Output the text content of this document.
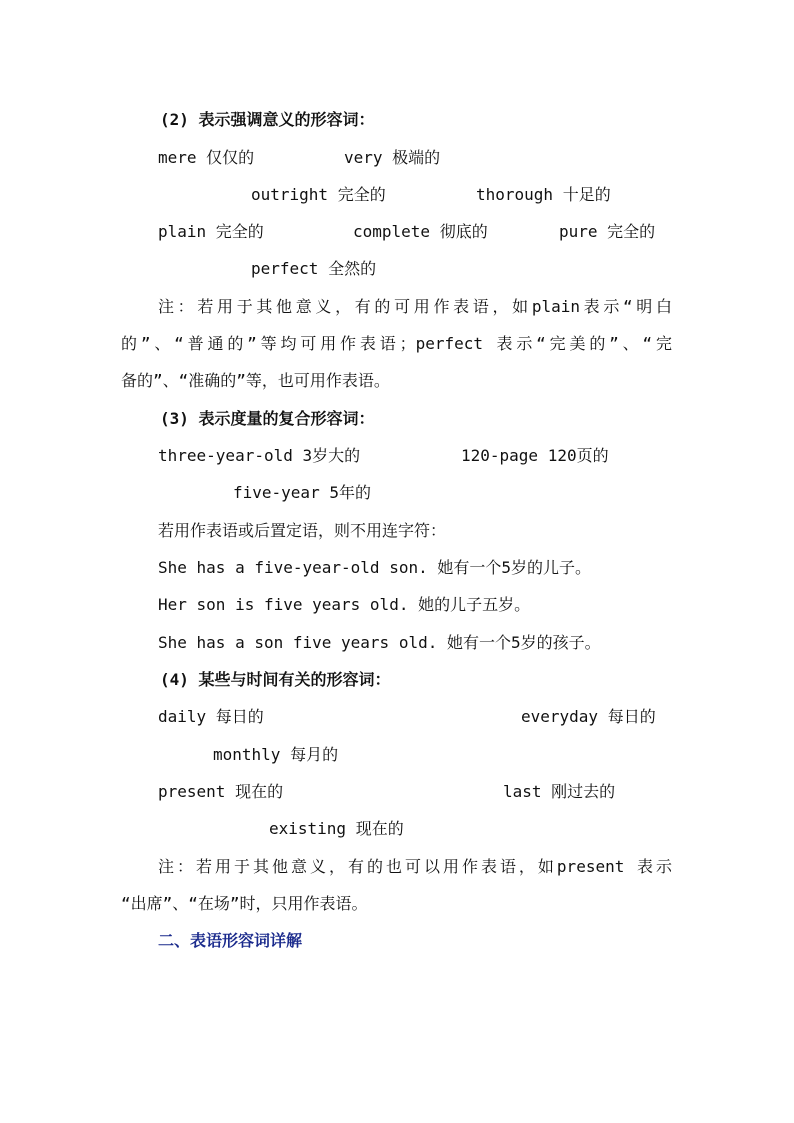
(2) 表示强调意义的形容词：
mere 仅仅的	very 极端的
outright 完全的	thorough 十足的
plain 完全的	complete 彻底的	pure 完全的
perfect 全然的
注：若用于其他意义，有的可用作表语，如plain表示“明白
的”、“普通的”等均可用作表语；perfect 表示“完美的”、“完
备的”、“准确的”等，也可用作表语。
(3) 表示度量的复合形容词：
three-year-old 3岁大的	120-page 120页的
five-year 5年的
若用作表语或后置定语，则不用连字符：
She has a five-year-old son. 她有一个5岁的儿子。
Her son is five years old. 她的儿子五岁。
She has a son five years old. 她有一个5岁的孩子。
(4) 某些与时间有关的形容词：
daily 每日的	everyday 每日的
monthly 每月的
present 现在的	last 刚过去的
existing 现在的
注：若用于其他意义，有的也可以用作表语，如present 表示
“出席”、“在场”时，只用作表语。
二、表语形容词详解
